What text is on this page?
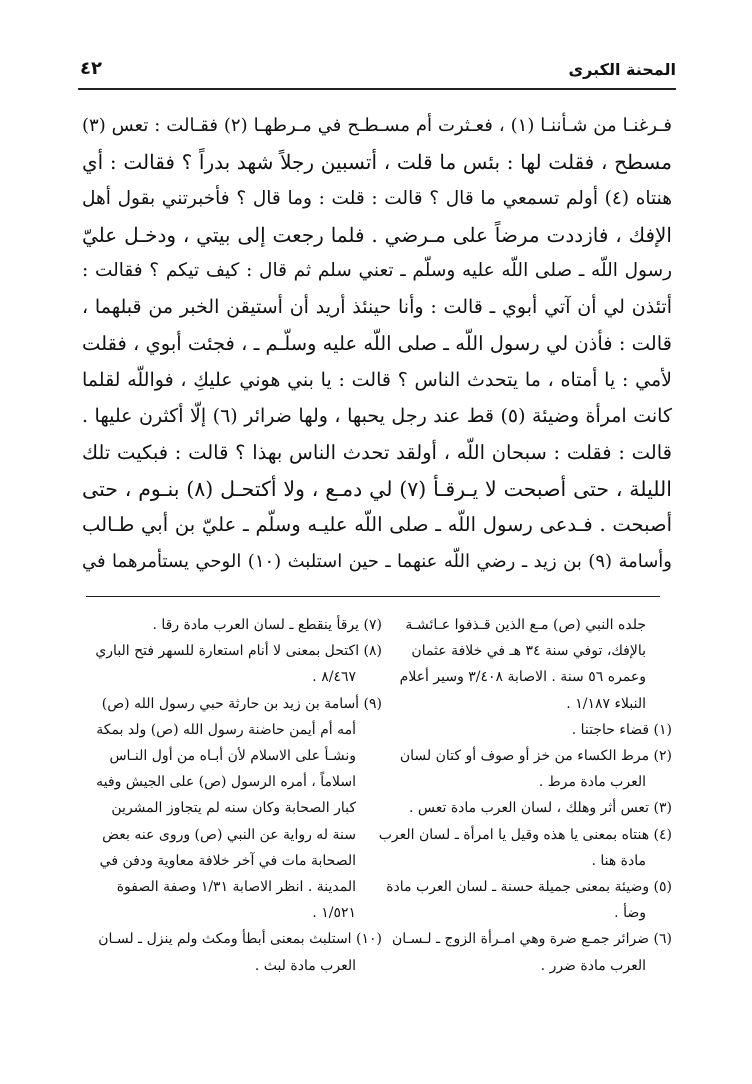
المحنة الكبرى
٤٢
فـرغنـا من شـأننـا (١) ، فعـثرت أم مسـطـح في مـرطهـا (٢) فقـالت : تعس (٣)
مسطح ، فقلت لها : بئس ما قلت ، أتسبين رجلاً شهد بدراً ؟ فقالت : أي
هنتاه (٤) أولم تسمعي ما قال ؟ قالت : قلت : وما قال ؟ فأخبرتني بقول أهل
الإفك ، فازددت مرضاً على مـرضي . فلما رجعت إلى بيتي ، ودخـل عليّ
رسول اللّه ـ صلى اللّه عليه وسلّم ـ تعني سلم ثم قال : كيف تيكم ؟ فقالت :
أتئذن لي أن آتي أبوي ـ قالت : وأنا حينئذ أريد أن أستيقن الخبر من قبلهما ،
قالت : فأذن لي رسول اللّه ـ صلى اللّه عليه وسلّـم ـ ، فجئت أبوي ، فقلت
لأمي : يا أمتاه ، ما يتحدث الناس ؟ قالت : يا بني هوني عليكِ ، فواللّه لقلما
كانت امرأة وضيئة (٥) قط عند رجل يحبها ، ولها ضرائر (٦) إلّا أكثرن عليها .
قالت : فقلت : سبحان اللّه ، أولقد تحدث الناس بهذا ؟ قالت : فبكيت تلك
الليلة ، حتى أصبحت لا يـرقـأ (٧) لي دمـع ، ولا أكتحـل (٨) بنـوم ، حتى
أصبحت . فـدعى رسول اللّه ـ صلى اللّه عليـه وسلّم ـ عليّ بن أبي طـالب
وأسامة (٩) بن زيد ـ رضي اللّه عنهما ـ حين استلبث (١٠) الوحي يستأمرهما في
جلده النبي (ص) مـع الذين قـذفوا عـائشـة
بالإفك، توفي سنة ٣٤ هـ في خلافة عثمان
وعمره ٥٦ سنة . الاصابة ٣/٤٠٨ وسير أعلام
النبلاء ١/١٨٧ .
(١) قضاء حاجتنا .
(٢) مرط الكساء من خز أو صوف أو كتان لسان
العرب مادة مرط .
(٣) تعس أثر وهلك ، لسان العرب مادة تعس .
(٤) هنتاه بمعنى يا هذه وقيل يا امرأة ـ لسان العرب
مادة هنا .
(٥) وضيئة بمعنى جميلة حسنة ـ لسان العرب مادة
وضأ .
(٦) ضرائر جمـع ضرة وهي امـرأة الزوج ـ لـسـان
العرب مادة ضرر .
(٧) يرقأ ينقطع ـ لسان العرب مادة رقا .
(٨) اكتحل بمعنى لا أنام استعارة للسهر فتح الباري
٨/٤٦٧ .
(٩) أسامة بن زيد بن حارثة حبي رسول الله (ص)
أمه أم أيمن حاضنة رسول الله (ص) ولد بمكة
ونشـأ على الاسلام لأن أبـاه من أول النـاس
اسلاماً ، أمره الرسول (ص) على الجيش وفيه
كبار الصحابة وكان سنه لم يتجاوز المشرين
سنة له رواية عن النبي (ص) وروى عنه بعض
الصحابة مات في آخر خلافة معاوية ودفن في
المدينة . انظر الاصابة ١/٣١ وصفة الصفوة
١/٥٢١ .
(١٠) استلبث بمعنى أبطأ ومكث ولم ينزل ـ لسـان
العرب مادة لبث .
